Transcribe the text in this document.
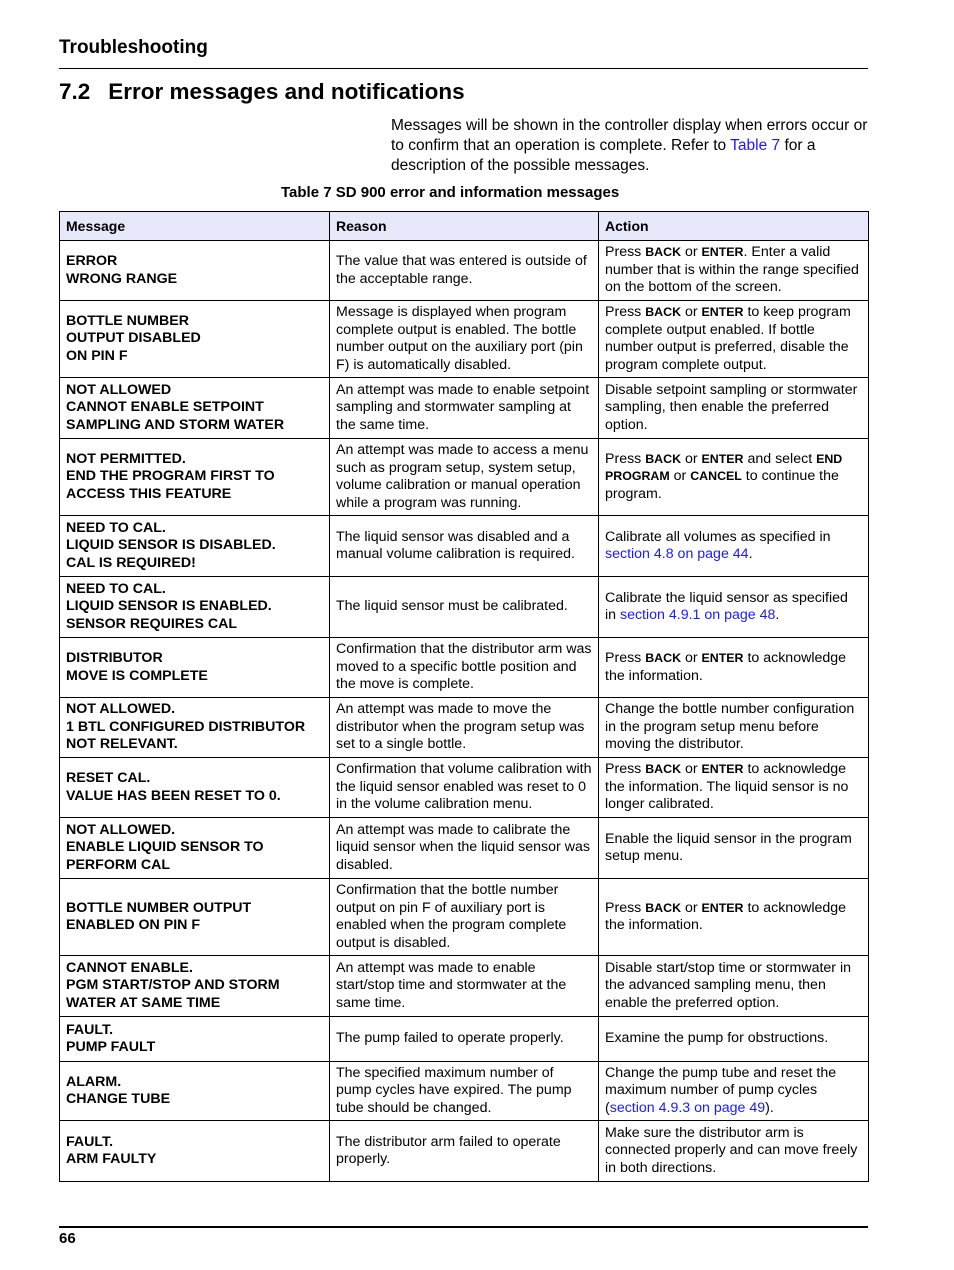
Troubleshooting
7.2 Error messages and notifications
Messages will be shown in the controller display when errors occur or to confirm that an operation is complete. Refer to Table 7 for a description of the possible messages.
Table 7 SD 900 error and information messages
Message	Reason	Action

ERROR
WRONG RANGE	The value that was entered is outside of the acceptable range.	Press BACK or ENTER. Enter a valid number that is within the range specified on the bottom of the screen.

BOTTLE NUMBER
OUTPUT DISABLED
ON PIN F	Message is displayed when program complete output is enabled. The bottle number output on the auxiliary port (pin F) is automatically disabled.	Press BACK or ENTER to keep program complete output enabled. If bottle number output is preferred, disable the program complete output.

NOT ALLOWED
CANNOT ENABLE SETPOINT SAMPLING AND STORM WATER	An attempt was made to enable setpoint sampling and stormwater sampling at the same time.	Disable setpoint sampling or stormwater sampling, then enable the preferred option.

NOT PERMITTED.
END THE PROGRAM FIRST TO ACCESS THIS FEATURE	An attempt was made to access a menu such as program setup, system setup, volume calibration or manual operation while a program was running.	Press BACK or ENTER and select END PROGRAM or CANCEL to continue the program.

NEED TO CAL.
LIQUID SENSOR IS DISABLED.
CAL IS REQUIRED!	The liquid sensor was disabled and a manual volume calibration is required.	Calibrate all volumes as specified in section 4.8 on page 44.

NEED TO CAL.
LIQUID SENSOR IS ENABLED. SENSOR REQUIRES CAL	The liquid sensor must be calibrated.	Calibrate the liquid sensor as specified in section 4.9.1 on page 48.

DISTRIBUTOR
MOVE IS COMPLETE	Confirmation that the distributor arm was moved to a specific bottle position and the move is complete.	Press BACK or ENTER to acknowledge the information.

NOT ALLOWED.
1 BTL CONFIGURED DISTRIBUTOR NOT RELEVANT.	An attempt was made to move the distributor when the program setup was set to a single bottle.	Change the bottle number configuration in the program setup menu before moving the distributor.

RESET CAL.
VALUE HAS BEEN RESET TO 0.	Confirmation that volume calibration with the liquid sensor enabled was reset to 0 in the volume calibration menu.	Press BACK or ENTER to acknowledge the information. The liquid sensor is no longer calibrated.

NOT ALLOWED.
ENABLE LIQUID SENSOR TO PERFORM CAL	An attempt was made to calibrate the liquid sensor when the liquid sensor was disabled.	Enable the liquid sensor in the program setup menu.

BOTTLE NUMBER OUTPUT ENABLED ON PIN F	Confirmation that the bottle number output on pin F of auxiliary port is enabled when the program complete output is disabled.	Press BACK or ENTER to acknowledge the information.

CANNOT ENABLE.
PGM START/STOP AND STORM WATER AT SAME TIME	An attempt was made to enable start/stop time and stormwater at the same time.	Disable start/stop time or stormwater in the advanced sampling menu, then enable the preferred option.

FAULT.
PUMP FAULT	The pump failed to operate properly.	Examine the pump for obstructions.

ALARM.
CHANGE TUBE	The specified maximum number of pump cycles have expired. The pump tube should be changed.	Change the pump tube and reset the maximum number of pump cycles (section 4.9.3 on page 49).

FAULT.
ARM FAULTY	The distributor arm failed to operate properly.	Make sure the distributor arm is connected properly and can move freely in both directions.
66
